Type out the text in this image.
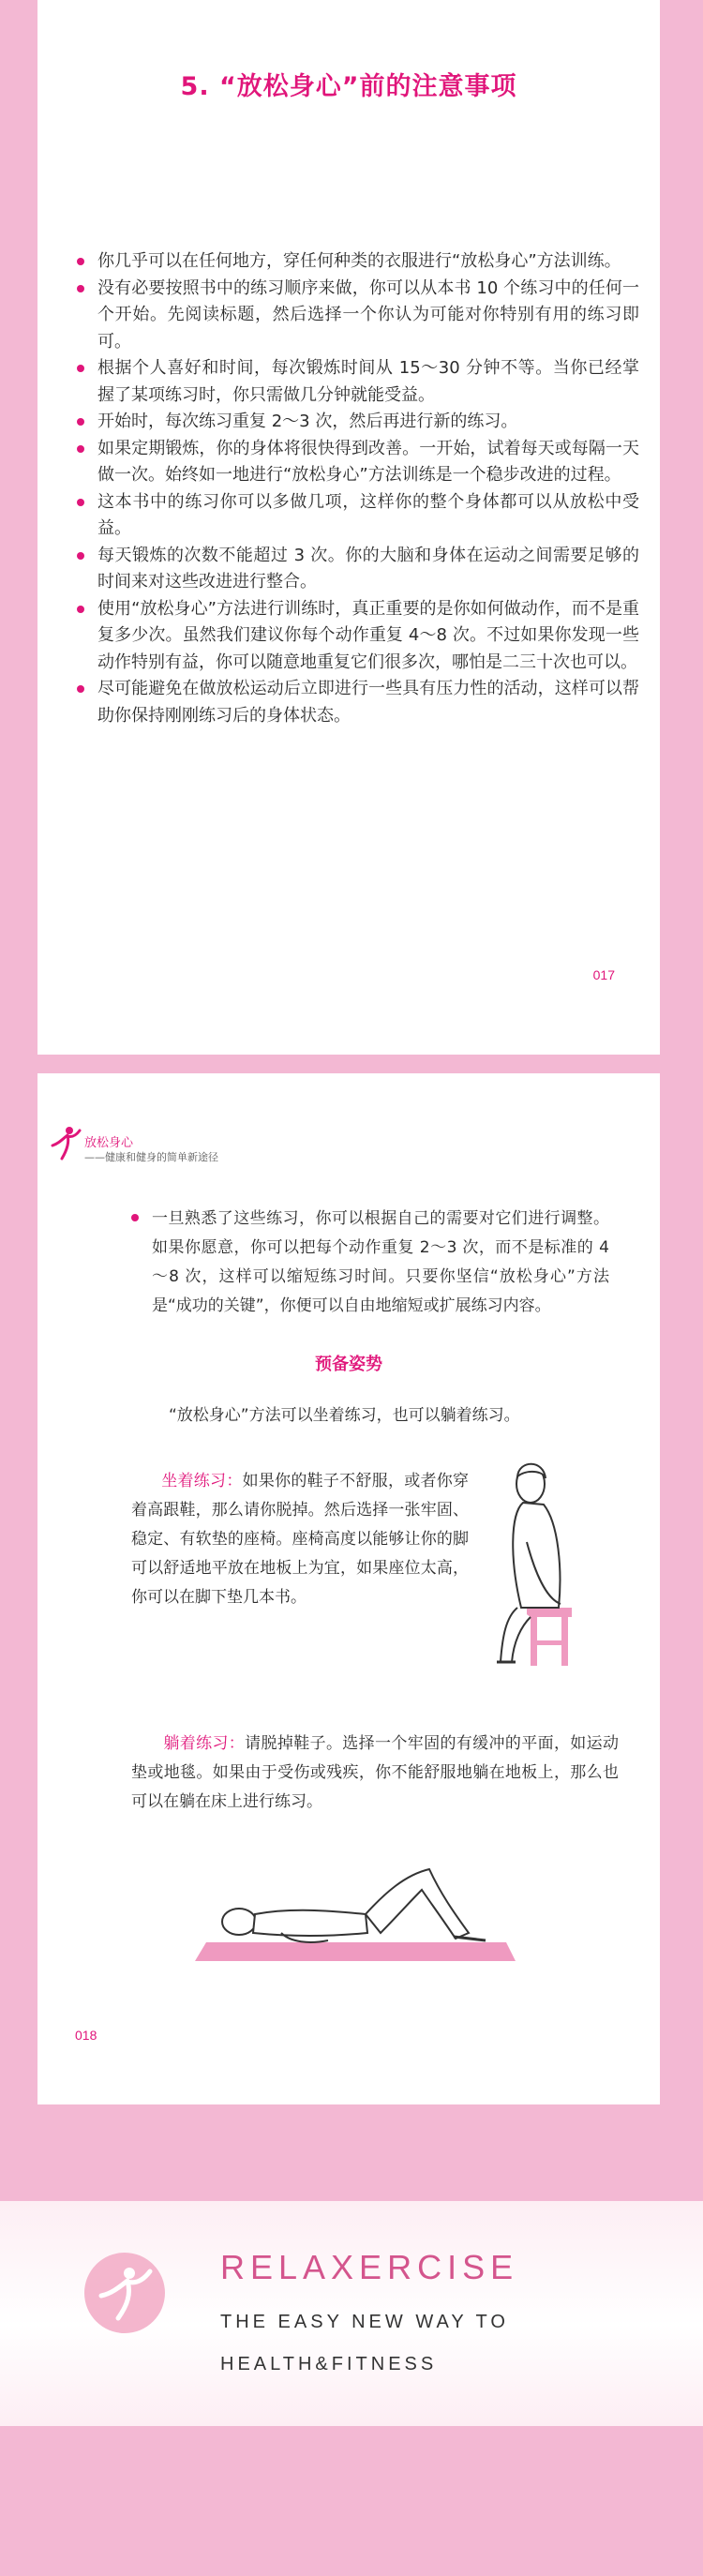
5. “放松身心”前的注意事项
你几乎可以在任何地方，穿任何种类的衣服进行“放松身心”方法训练。
没有必要按照书中的练习顺序来做，你可以从本书 10 个练习中的任何一个开始。先阅读标题，然后选择一个你认为可能对你特别有用的练习即可。
根据个人喜好和时间，每次锻炼时间从 15～30 分钟不等。当你已经掌握了某项练习时，你只需做几分钟就能受益。
开始时，每次练习重复 2～3 次，然后再进行新的练习。
如果定期锻炼，你的身体将很快得到改善。一开始，试着每天或每隔一天做一次。始终如一地进行“放松身心”方法训练是一个稳步改进的过程。
这本书中的练习你可以多做几项，这样你的整个身体都可以从放松中受益。
每天锻炼的次数不能超过 3 次。你的大脑和身体在运动之间需要足够的时间来对这些改进进行整合。
使用“放松身心”方法进行训练时，真正重要的是你如何做动作，而不是重复多少次。虽然我们建议你每个动作重复 4～8 次。不过如果你发现一些动作特别有益，你可以随意地重复它们很多次，哪怕是二三十次也可以。
尽可能避免在做放松运动后立即进行一些具有压力性的活动，这样可以帮助你保持刚刚练习后的身体状态。
017
放松身心
——健康和健身的简单新途径
一旦熟悉了这些练习，你可以根据自己的需要对它们进行调整。如果你愿意，你可以把每个动作重复 2～3 次，而不是标准的 4～8 次，这样可以缩短练习时间。只要你坚信“放松身心”方法是“成功的关键”，你便可以自由地缩短或扩展练习内容。
预备姿势
“放松身心”方法可以坐着练习，也可以躺着练习。
坐着练习：如果你的鞋子不舒服，或者你穿着高跟鞋，那么请你脱掉。然后选择一张牢固、稳定、有软垫的座椅。座椅高度以能够让你的脚可以舒适地平放在地板上为宜，如果座位太高，你可以在脚下垫几本书。
躺着练习：请脱掉鞋子。选择一个牢固的有缓冲的平面，如运动垫或地毯。如果由于受伤或残疾，你不能舒服地躺在地板上，那么也可以在躺在床上进行练习。
018
RELAXERCISE
THE EASY NEW WAY TO
HEALTH&FITNESS
